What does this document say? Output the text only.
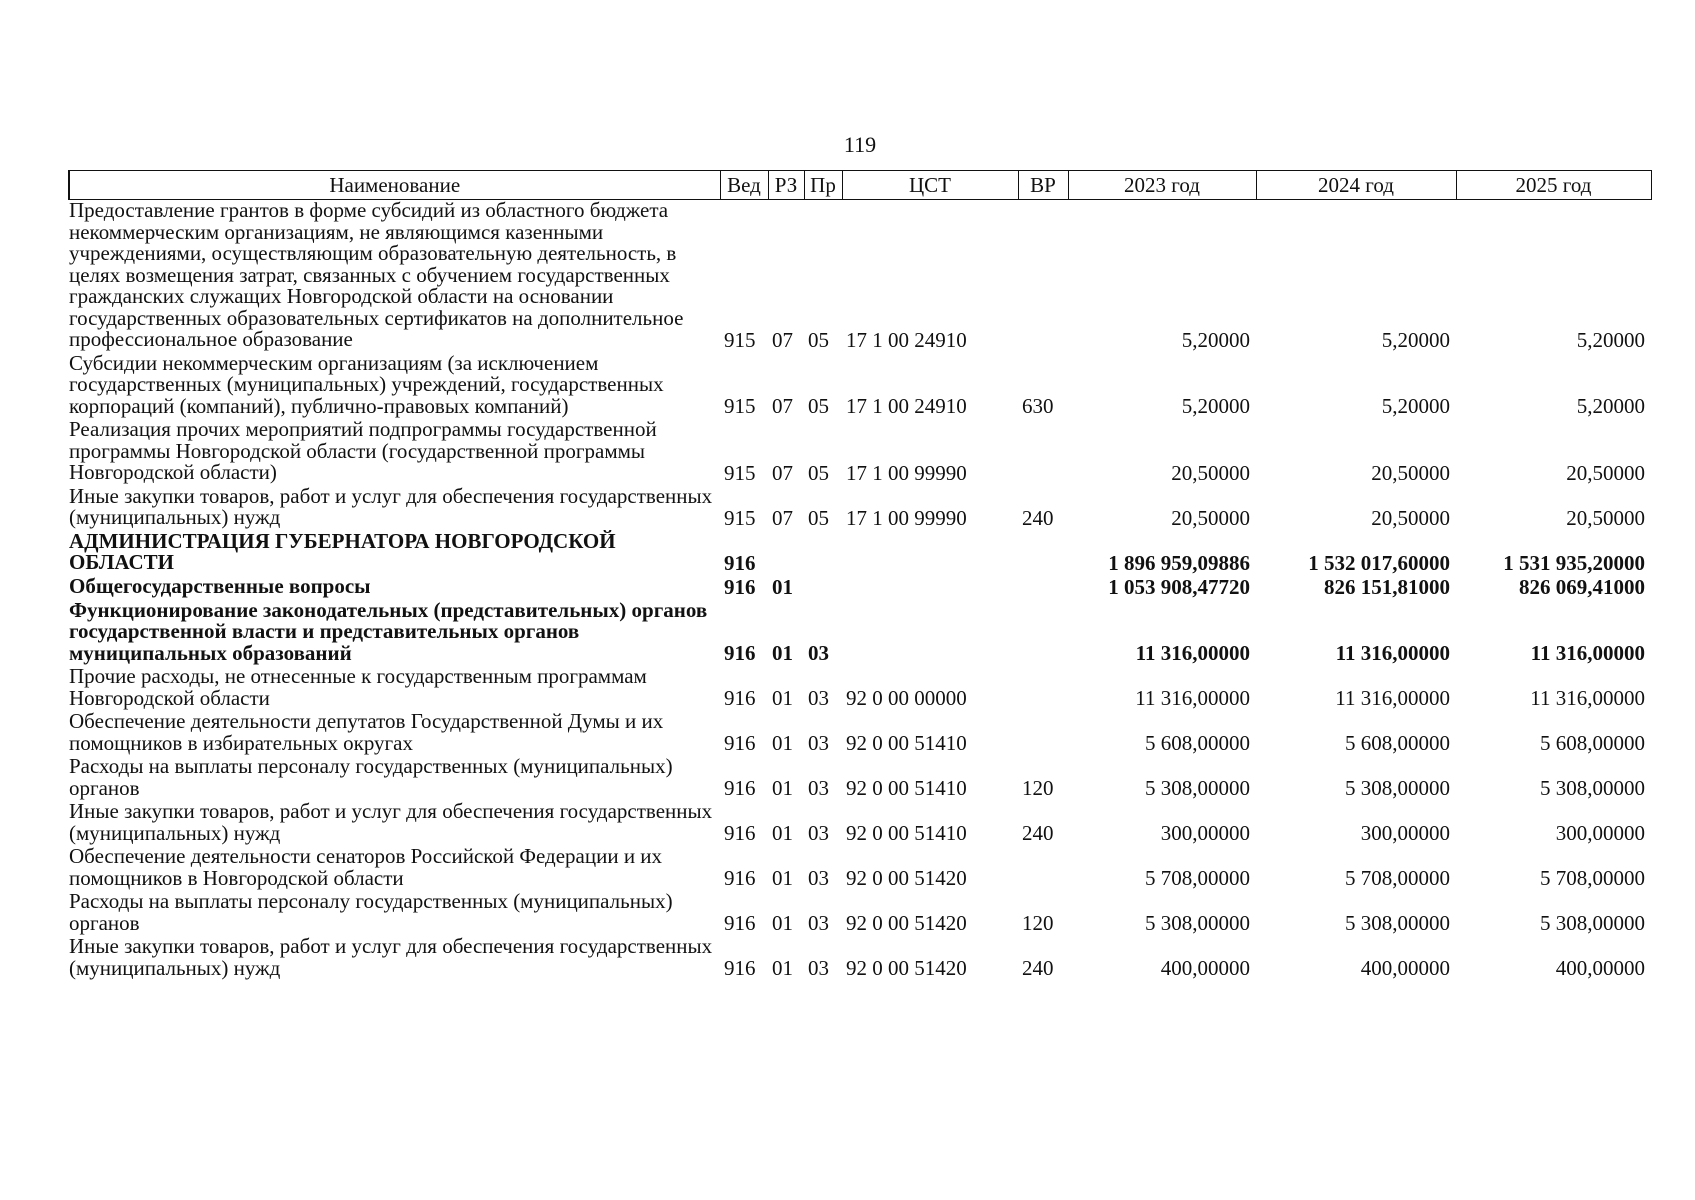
119
Наименование	Вед	РЗ	Пр	ЦСТ	ВР	2023 год	2024 год	2025 год
Предоставление грантов в форме субсидий из областного бюджета некоммерческим организациям, не являющимся казенными учреждениями, осуществляющим образовательную деятельность, в целях возмещения затрат, связанных с обучением государственных гражданских служащих Новгородской области на основании государственных образовательных сертификатов на дополнительное профессиональное образование	915	07	05	17 1 00 24910		5,20000	5,20000	5,20000
Субсидии некоммерческим организациям (за исключением государственных (муниципальных) учреждений, государственных корпораций (компаний), публично-правовых компаний)	915	07	05	17 1 00 24910	630	5,20000	5,20000	5,20000
Реализация прочих мероприятий подпрограммы государственной программы Новгородской области (государственной программы Новгородской области)	915	07	05	17 1 00 99990		20,50000	20,50000	20,50000
Иные закупки товаров, работ и услуг для обеспечения государственных (муниципальных) нужд	915	07	05	17 1 00 99990	240	20,50000	20,50000	20,50000
АДМИНИСТРАЦИЯ ГУБЕРНАТОРА НОВГОРОДСКОЙ ОБЛАСТИ	916					1 896 959,09886	1 532 017,60000	1 531 935,20000
Общегосударственные вопросы	916	01				1 053 908,47720	826 151,81000	826 069,41000
Функционирование законодательных (представительных) органов государственной власти и представительных органов муниципальных образований	916	01	03			11 316,00000	11 316,00000	11 316,00000
Прочие расходы, не отнесенные к государственным программам Новгородской области	916	01	03	92 0 00 00000		11 316,00000	11 316,00000	11 316,00000
Обеспечение деятельности депутатов Государственной Думы и их помощников в избирательных округах	916	01	03	92 0 00 51410		5 608,00000	5 608,00000	5 608,00000
Расходы на выплаты персоналу государственных (муниципальных) органов	916	01	03	92 0 00 51410	120	5 308,00000	5 308,00000	5 308,00000
Иные закупки товаров, работ и услуг для обеспечения государственных (муниципальных) нужд	916	01	03	92 0 00 51410	240	300,00000	300,00000	300,00000
Обеспечение деятельности сенаторов Российской Федерации и их помощников в Новгородской области	916	01	03	92 0 00 51420		5 708,00000	5 708,00000	5 708,00000
Расходы на выплаты персоналу государственных (муниципальных) органов	916	01	03	92 0 00 51420	120	5 308,00000	5 308,00000	5 308,00000
Иные закупки товаров, работ и услуг для обеспечения государственных (муниципальных) нужд	916	01	03	92 0 00 51420	240	400,00000	400,00000	400,00000
